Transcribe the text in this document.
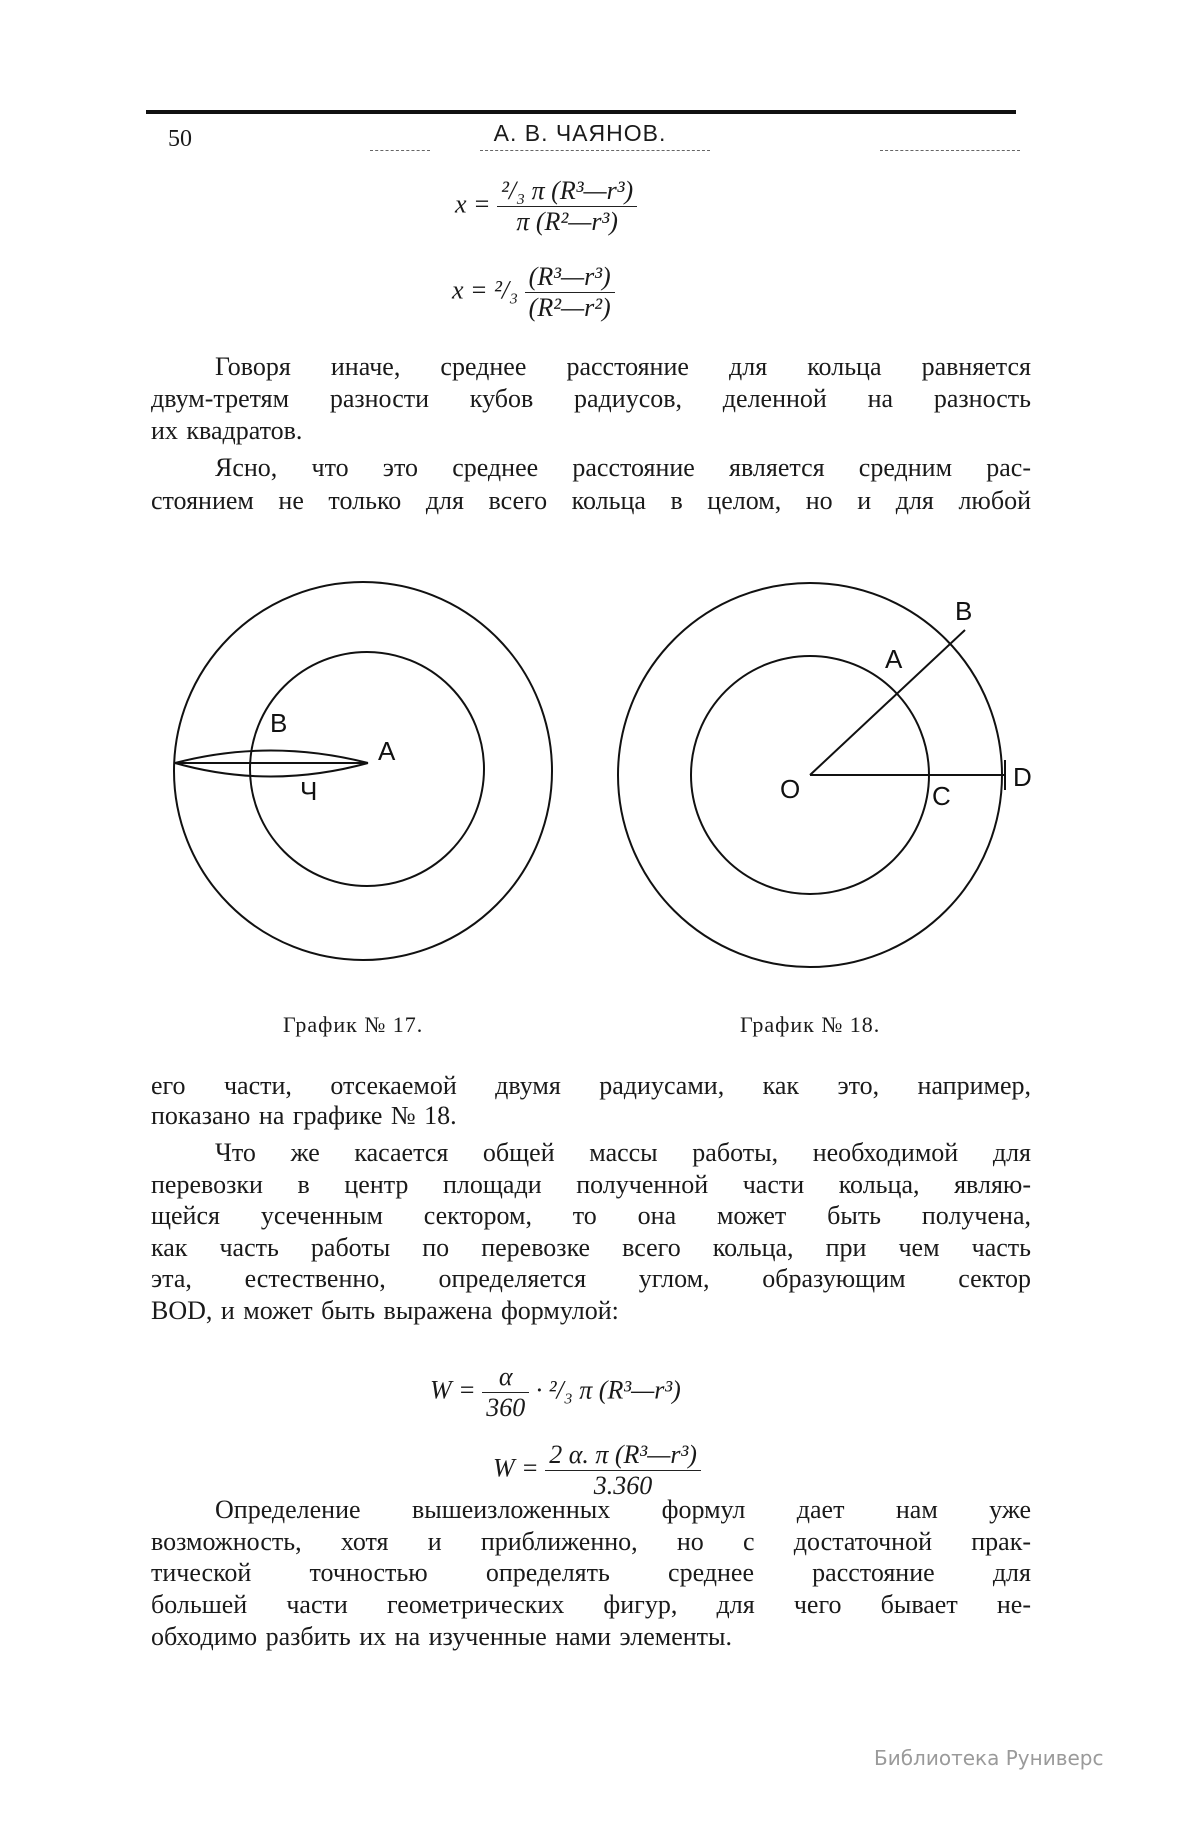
50	А. В. ЧАЯНОВ.
$x = \frac{\text{²/₃ π (R³—r³)}}{\text{π (R²—r³)}}$
$x = ^2/_3 \frac{\text{(R³—r³)}}{\text{(R²—r²)}}$
Говоря иначе, среднее расстояние для кольца равняется
двум-третям разности кубов радиусов, деленной на разность
их квадратов.
Ясно, что это среднее расстояние является средним рас-
стоянием не только для всего кольца в целом, но и для любой
B
A
Ч	O
A
B
C
D
График № 17.	График № 18.
его части, отсекаемой двумя радиусами, как это, например,
показано на графике № 18.
Что же касается общей массы работы, необходимой для
перевозки в центр площади полученной части кольца, являю-
щейся усеченным сектором, то она может быть получена,
как часть работы по перевозке всего кольца, при чем часть
эта, естественно, определяется углом, образующим сектор
BOD, и может быть выражена формулой:
$W = \frac{\alpha}{360} \cdot ^2/_3$ π (R³—r³)
$W = \frac{\text{2 α. π (R³—r³)}}{3.360}$
Определение вышеизложенных формул дает нам уже
возможность, хотя и приближенно, но с достаточной прак-
тической точностью определять среднее расстояние для
большей части геометрических фигур, для чего бывает не-
обходимо разбить их на изученные нами элементы.
Библиотека Руниверс
